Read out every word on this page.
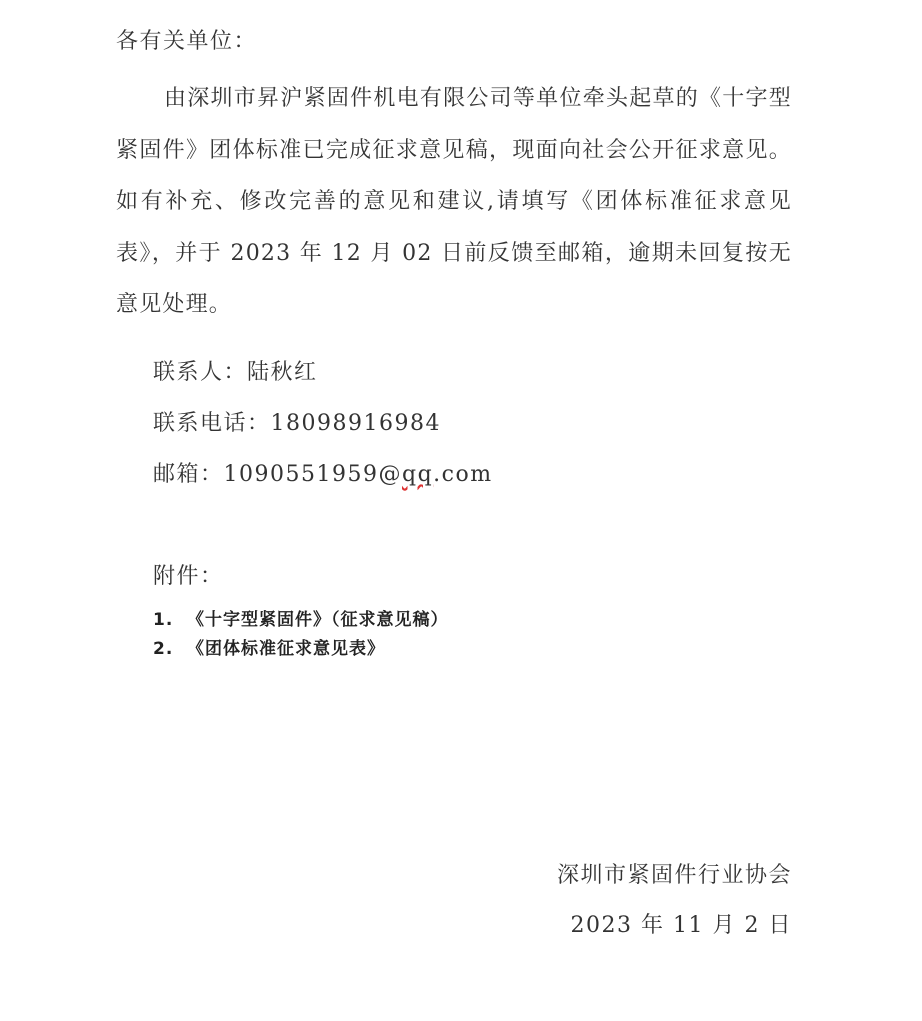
各有关单位：
由深圳市昇沪紧固件机电有限公司等单位牵头起草的《十字型紧固件》团体标准已完成征求意见稿，现面向社会公开征求意见。如有补充、修改完善的意见和建议,请填写《团体标准征求意见表》，并于 2023 年 12 月 02 日前反馈至邮箱，逾期未回复按无意见处理。
联系人：陆秋红
联系电话：18098916984
邮箱：1090551959@qq.com
附件：
1. 《十字型紧固件》（征求意见稿）
2. 《团体标准征求意见表》
深圳市紧固件行业协会
2023 年 11 月 2 日
